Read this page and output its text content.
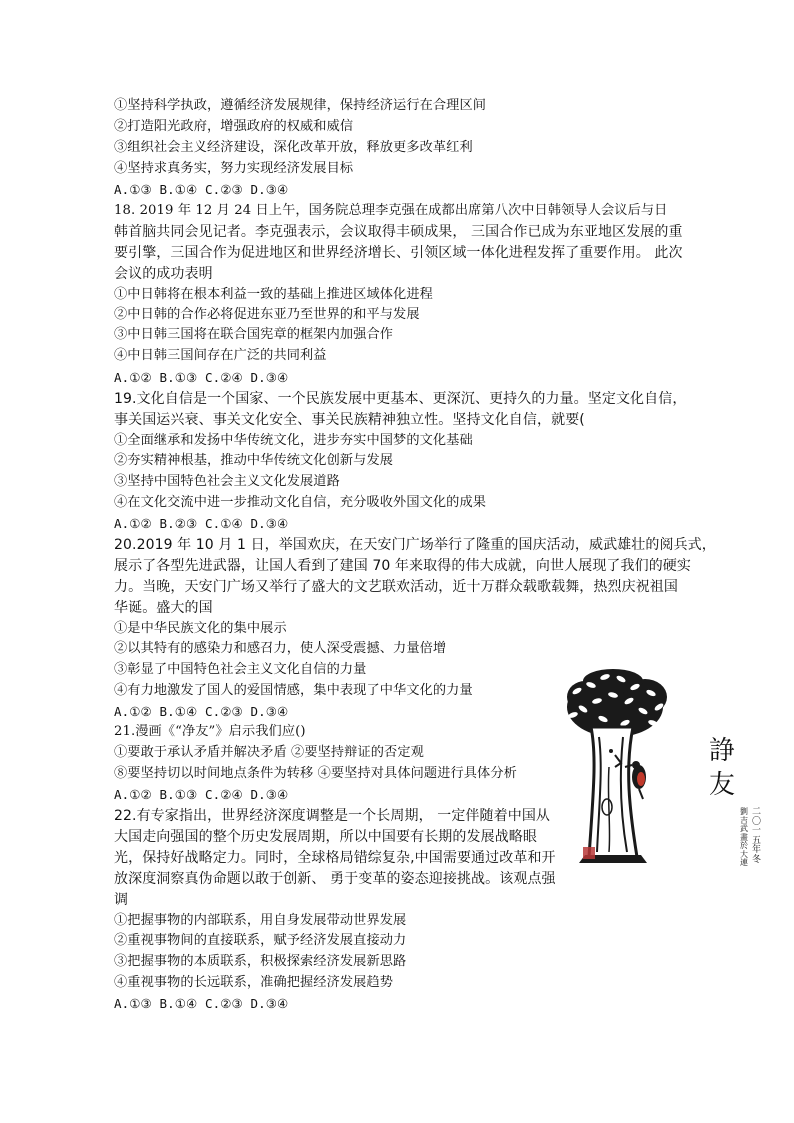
①坚持科学执政，遵循经济发展规律，保持经济运行在合理区间
②打造阳光政府，增强政府的权威和威信
③组织社会主义经济建设，深化改革开放，释放更多改革红利
④坚持求真务实，努力实现经济发展目标
A.①③ B.①④ C.②③ D.③④
18. 2019 年 12 月 24 日上午，国务院总理李克强在成都出席第八次中日韩领导人会议后与日
韩首脑共同会见记者。李克强表示，会议取得丰硕成果， 三国合作已成为东亚地区发展的重
要引擎，三国合作为促进地区和世界经济增长、引领区域一体化进程发挥了重要作用。 此次
会议的成功表明
①中日韩将在根本利益一致的基础上推进区域体化进程
②中日韩的合作必将促进东亚乃至世界的和平与发展
③中日韩三国将在联合国宪章的框架内加强合作
④中日韩三国间存在广泛的共同利益
A.①② B.①③ C.②④ D.③④
19.文化自信是一个国家、一个民族发展中更基本、更深沉、更持久的力量。坚定文化自信，
事关国运兴衰、事关文化安全、事关民族精神独立性。坚持文化自信，就要(
①全面继承和发扬中华传统文化，进步夯实中国梦的文化基础
②夯实精神根基，推动中华传统文化创新与发展
③坚持中国特色社会主义文化发展道路
④在文化交流中进一步推动文化自信，充分吸收外国文化的成果
A.①② B.②③ C.①④ D.③④
20.2019 年 10 月 1 日，举国欢庆，在天安门广场举行了隆重的国庆活动，威武雄壮的阅兵式，
展示了各型先进武器，让国人看到了建国 70 年来取得的伟大成就，向世人展现了我们的硬实
力。当晚，天安门广场又举行了盛大的文艺联欢活动，近十万群众载歌载舞，热烈庆祝祖国
华诞。盛大的国
①是中华民族文化的集中展示
②以其特有的感染力和感召力，使人深受震撼、力量倍增
③彰显了中国特色社会主义文化自信的力量
④有力地激发了国人的爱国情感，集中表现了中华文化的力量
A.①② B.①④ C.②③ D.③④
21.漫画《“净友”》启示我们应()
①要敢于承认矛盾并解决矛盾 ②要坚持辩证的否定观
⑧要坚持切以时间地点条件为转移 ④要坚持对具体问题进行具体分析
A.①② B.①③ C.②④ D.③④
22.有专家指出，世界经济深度调整是一个长周期， 一定伴随着中国从
大国走向强国的整个历史发展周期，所以中国要有长期的发展战略眼
光，保持好战略定力。同时，全球格局错综复杂,中国需要通过改革和开
放深度洞察真伪命题以敢于创新、 勇于变革的姿态迎接挑战。该观点强
调
①把握事物的内部联系，用自身发展带动世界发展
②重视事物间的直接联系，赋予经济发展直接动力
③把握事物的本质联系，积极探索经济发展新思路
④重视事物的长远联系，准确把握经济发展趋势
A.①③ B.①④ C.②③ D.③④
諍
友
二〇一五年冬
劉吉武畫於大連
